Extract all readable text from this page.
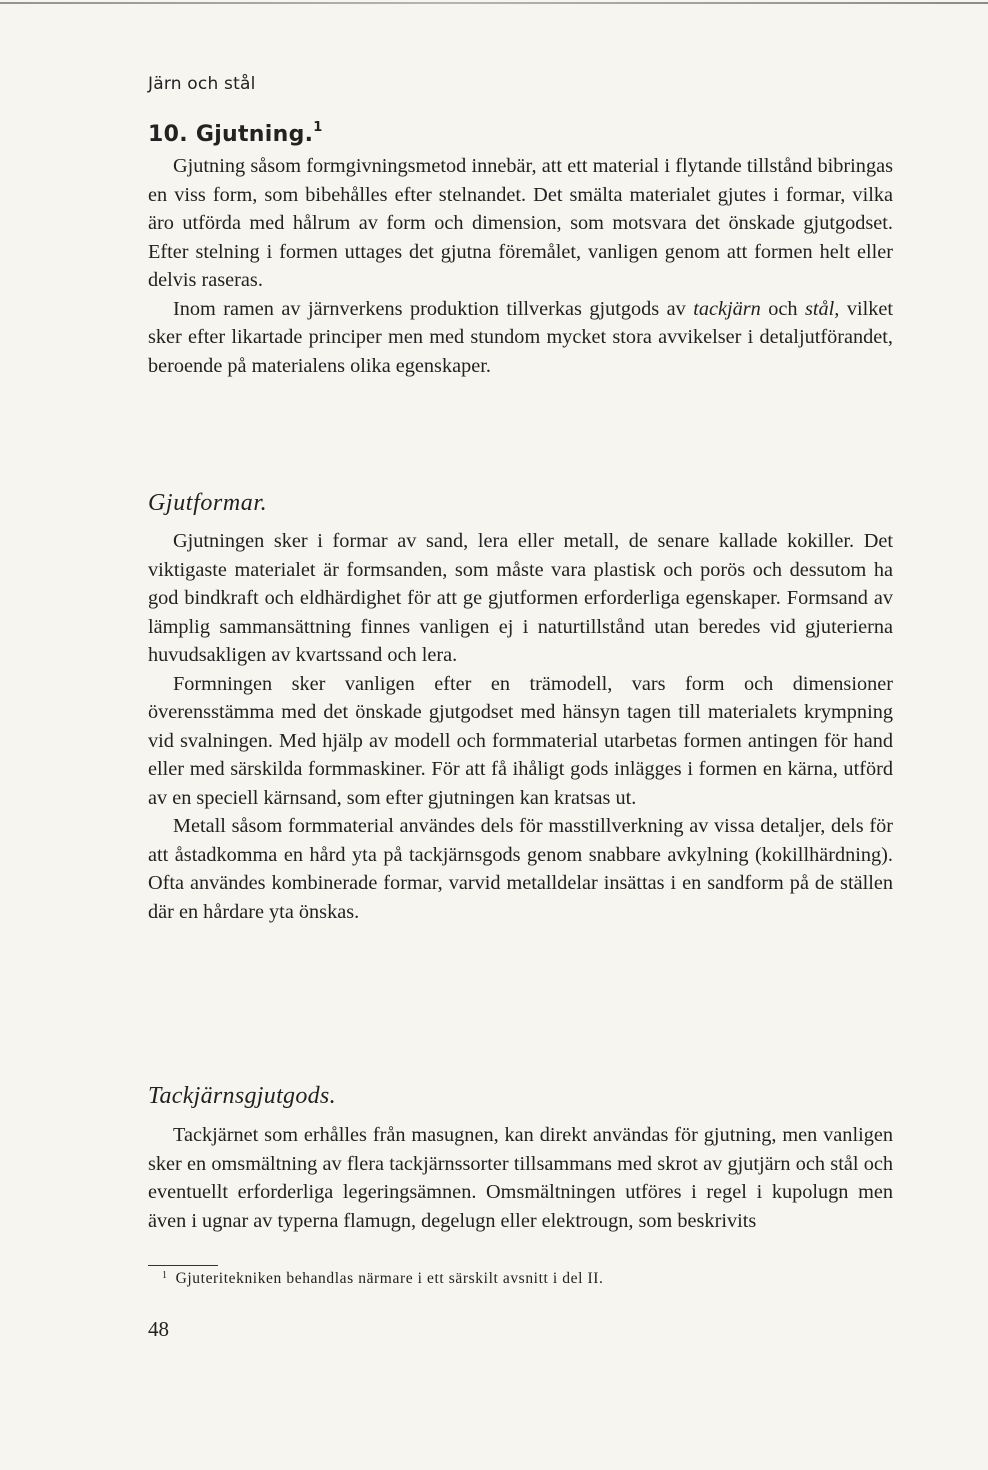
Järn och stål
10. Gjutning.$^1$

Gjutning såsom formgivningsmetod innebär, att ett material i flytande tillstånd bibringas en viss form, som bibehålles efter stelnandet. Det smälta materialet gjutes i formar, vilka äro utförda med hålrum av form och dimension, som motsvara det önskade gjutgodset. Efter stelning i formen uttages det gjutna föremålet, vanligen genom att formen helt eller delvis raseras.

Inom ramen av järnverkens produktion tillverkas gjutgods av tackjärn och stål, vilket sker efter likartade principer men med stundom mycket stora avvikelser i detaljutförandet, beroende på materialens olika egenskaper.

Gjutformar.

Gjutningen sker i formar av sand, lera eller metall, de senare kallade kokiller. Det viktigaste materialet är formsanden, som måste vara plastisk och porös och dessutom ha god bindkraft och eldhärdighet för att ge gjutformen erforderliga egenskaper. Formsand av lämplig sammansättning finnes vanligen ej i naturtillstånd utan beredes vid gjuterierna huvudsakligen av kvartssand och lera.

Formningen sker vanligen efter en trämodell, vars form och dimensioner överensstämma med det önskade gjutgodset med hänsyn tagen till materialets krympning vid svalningen. Med hjälp av modell och formmaterial utarbetas formen antingen för hand eller med särskilda formmaskiner. För att få ihåligt gods inlägges i formen en kärna, utförd av en speciell kärnsand, som efter gjutningen kan kratsas ut.

Metall såsom formmaterial användes dels för masstillverkning av vissa detaljer, dels för att åstadkomma en hård yta på tackjärnsgods genom snabbare avkylning (kokillhärdning). Ofta användes kombinerade formar, varvid metalldelar insättas i en sandform på de ställen där en hårdare yta önskas.

Tackjärnsgjutgods.

Tackjärnet som erhålles från masugnen, kan direkt användas för gjutning, men vanligen sker en omsmältning av flera tackjärnssorter tillsammans med skrot av gjutjärn och stål och eventuellt erforderliga legeringsämnen. Omsmältningen utföres i regel i kupolugn men även i ugnar av typerna flamugn, degelugn eller elektrougn, som beskrivits

$^1$ Gjuteritekniken behandlas närmare i ett särskilt avsnitt i del II.
48
